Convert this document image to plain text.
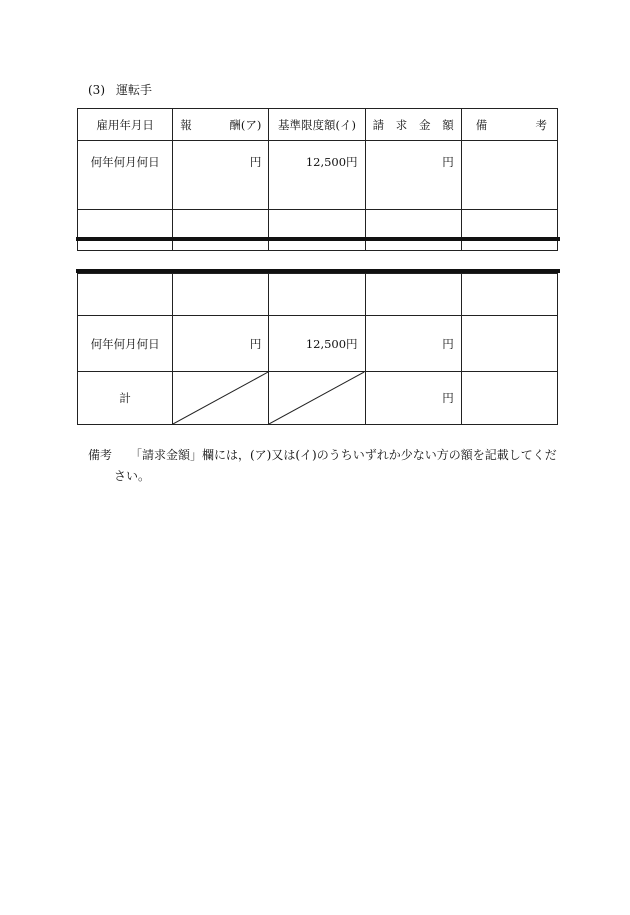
(3) 運転手
雇用年月日	報 酬(ア)	基準限度額(イ)	請 求 金 額	備 考

何年何月何日	円	12,500円	円	

何年何月何日	円	12,500円	円	
計			円	
備考 「請求金額」欄には，(ア)又は(イ)のうちいずれか少ない方の額を記載してくだ
さい。
